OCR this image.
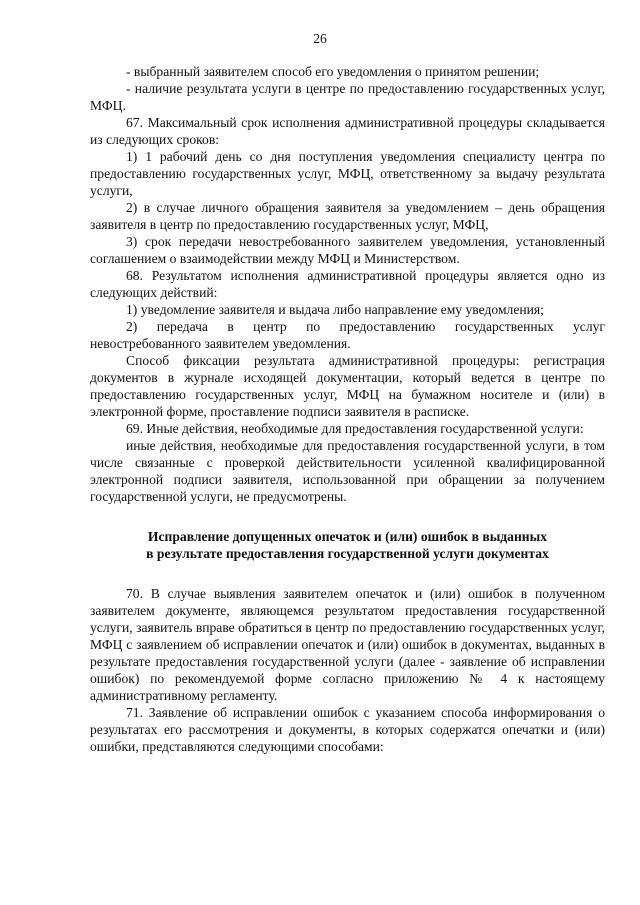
26

- выбранный заявителем способ его уведомления о принятом решении;

- наличие результата услуги в центре по предоставлению государственных услуг, МФЦ.

67. Максимальный срок исполнения административной процедуры складывается из следующих сроков:

1) 1 рабочий день со дня поступления уведомления специалисту центра по предоставлению государственных услуг, МФЦ, ответственному за выдачу результата услуги,

2) в случае личного обращения заявителя за уведомлением – день обращения заявителя в центр по предоставлению государственных услуг, МФЦ,

3) срок передачи невостребованного заявителем уведомления, установленный соглашением о взаимодействии между МФЦ и Министерством.

68. Результатом исполнения административной процедуры является одно из следующих действий:

1) уведомление заявителя и выдача либо направление ему уведомления;

2) передача в центр по предоставлению государственных услуг невостребованного заявителем уведомления.

Способ фиксации результата административной процедуры: регистрация документов в журнале исходящей документации, который ведется в центре по предоставлению государственных услуг, МФЦ на бумажном носителе и (или) в электронной форме, проставление подписи заявителя в расписке.

69. Иные действия, необходимые для предоставления государственной услуги:

иные действия, необходимые для предоставления государственной услуги, в том числе связанные с проверкой действительности усиленной квалифицированной электронной подписи заявителя, использованной при обращении за получением государственной услуги, не предусмотрены.

Исправление допущенных опечаток и (или) ошибок в выданных

в результате предоставления государственной услуги документах

70. В случае выявления заявителем опечаток и (или) ошибок в полученном заявителем документе, являющемся результатом предоставления государственной услуги, заявитель вправе обратиться в центр по предоставлению государственных услуг, МФЦ с заявлением об исправлении опечаток и (или) ошибок в документах, выданных в результате предоставления государственной услуги (далее - заявление об исправлении ошибок) по рекомендуемой форме согласно приложению № 4 к настоящему административному регламенту.

71. Заявление об исправлении ошибок с указанием способа информирования о результатах его рассмотрения и документы, в которых содержатся опечатки и (или) ошибки, представляются следующими способами:
